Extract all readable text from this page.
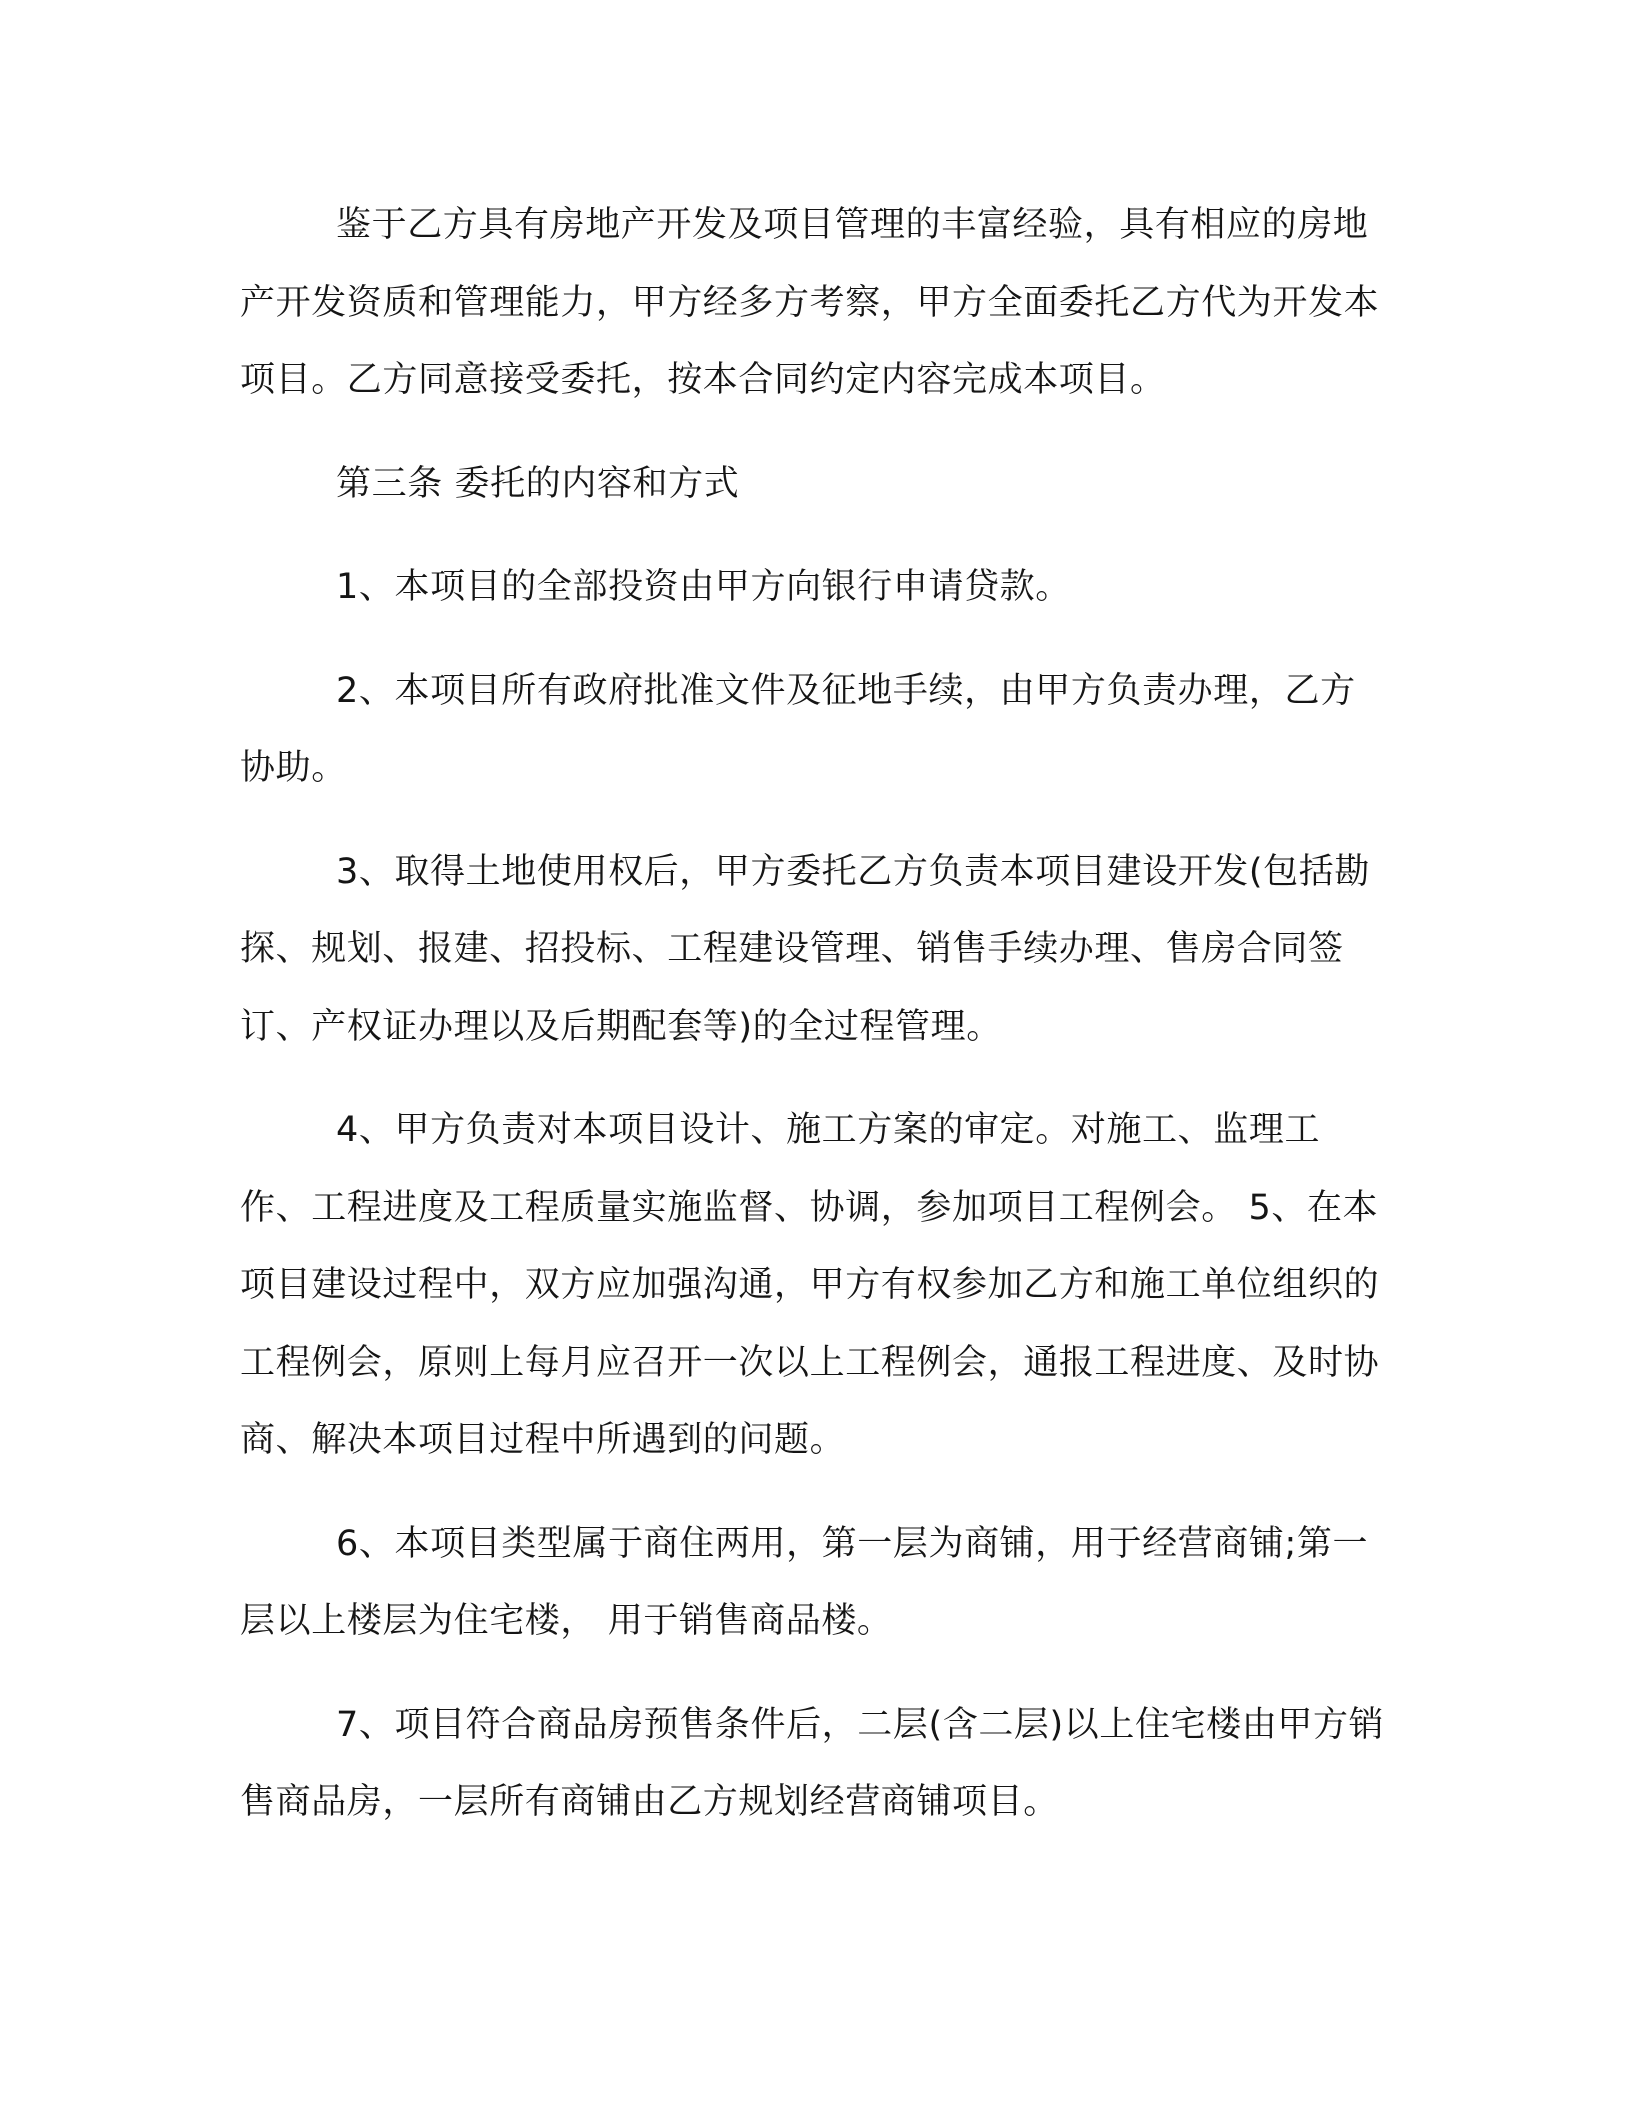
鉴于乙方具有房地产开发及项目管理的丰富经验，具有相应的房地产开发资质和管理能力，甲方经多方考察，甲方全面委托乙方代为开发本项目。乙方同意接受委托，按本合同约定内容完成本项目。

第三条 委托的内容和方式

1、本项目的全部投资由甲方向银行申请贷款。

2、本项目所有政府批准文件及征地手续，由甲方负责办理，乙方协助。

3、取得土地使用权后，甲方委托乙方负责本项目建设开发(包括勘探、规划、报建、招投标、工程建设管理、销售手续办理、售房合同签订、产权证办理以及后期配套等)的全过程管理。

4、甲方负责对本项目设计、施工方案的审定。对施工、监理工作、工程进度及工程质量实施监督、协调，参加项目工程例会。 5、在本项目建设过程中，双方应加强沟通，甲方有权参加乙方和施工单位组织的工程例会，原则上每月应召开一次以上工程例会，通报工程进度、及时协商、解决本项目过程中所遇到的问题。

6、本项目类型属于商住两用，第一层为商铺，用于经营商铺;第一层以上楼层为住宅楼， 用于销售商品楼。

7、项目符合商品房预售条件后，二层(含二层)以上住宅楼由甲方销售商品房，一层所有商铺由乙方规划经营商铺项目。
